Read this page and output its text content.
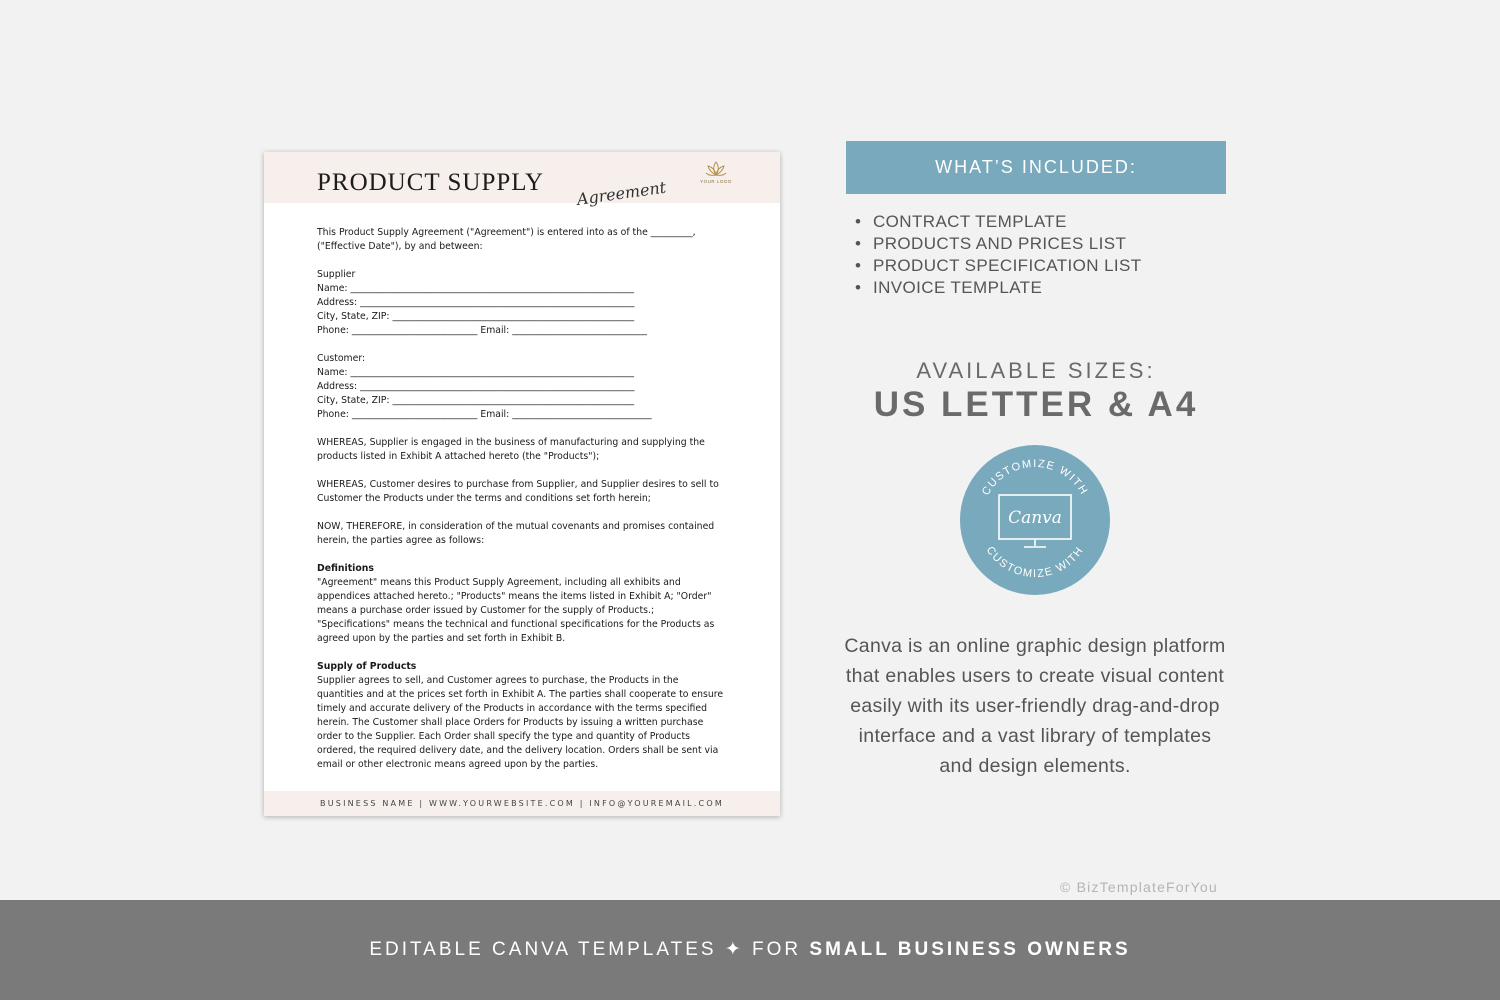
PRODUCT SUPPLY Agreement	YOUR LOGO
This Product Supply Agreement ("Agreement") is entered into as of the _________,
("Effective Date"), by and between:
Supplier
Name: _____________________________________________________________
Address: ___________________________________________________________
City, State, ZIP: ____________________________________________________
Phone: ___________________________ Email: _____________________________
Customer:
Name: _____________________________________________________________
Address: ___________________________________________________________
City, State, ZIP: ____________________________________________________
Phone: ___________________________ Email: ______________________________
WHEREAS, Supplier is engaged in the business of manufacturing and supplying the
products listed in Exhibit A attached hereto (the "Products");
WHEREAS, Customer desires to purchase from Supplier, and Supplier desires to sell to
Customer the Products under the terms and conditions set forth herein;
NOW, THEREFORE, in consideration of the mutual covenants and promises contained
herein, the parties agree as follows:
Definitions
"Agreement" means this Product Supply Agreement, including all exhibits and
appendices attached hereto.; "Products" means the items listed in Exhibit A; "Order"
means a purchase order issued by Customer for the supply of Products.;
"Specifications" means the technical and functional specifications for the Products as
agreed upon by the parties and set forth in Exhibit B.
Supply of Products
Supplier agrees to sell, and Customer agrees to purchase, the Products in the
quantities and at the prices set forth in Exhibit A. The parties shall cooperate to ensure
timely and accurate delivery of the Products in accordance with the terms specified
herein. The Customer shall place Orders for Products by issuing a written purchase
order to the Supplier. Each Order shall specify the type and quantity of Products
ordered, the required delivery date, and the delivery location. Orders shall be sent via
email or other electronic means agreed upon by the parties.
BUSINESS NAME | WWW.YOURWEBSITE.COM | INFO@YOUREMAIL.COM
WHAT’S INCLUDED:
• CONTRACT TEMPLATE
• PRODUCTS AND PRICES LIST
• PRODUCT SPECIFICATION LIST
• INVOICE TEMPLATE
AVAILABLE SIZES:
US LETTER & A4
CUSTOMIZE WITH
CUSTOMIZE WITH
Canva
Canva is an online graphic design platform
that enables users to create visual content
easily with its user-friendly drag-and-drop
interface and a vast library of templates
and design elements.
© BizTemplateForYou
EDITABLE CANVA TEMPLATES ✦ FOR SMALL BUSINESS OWNERS
